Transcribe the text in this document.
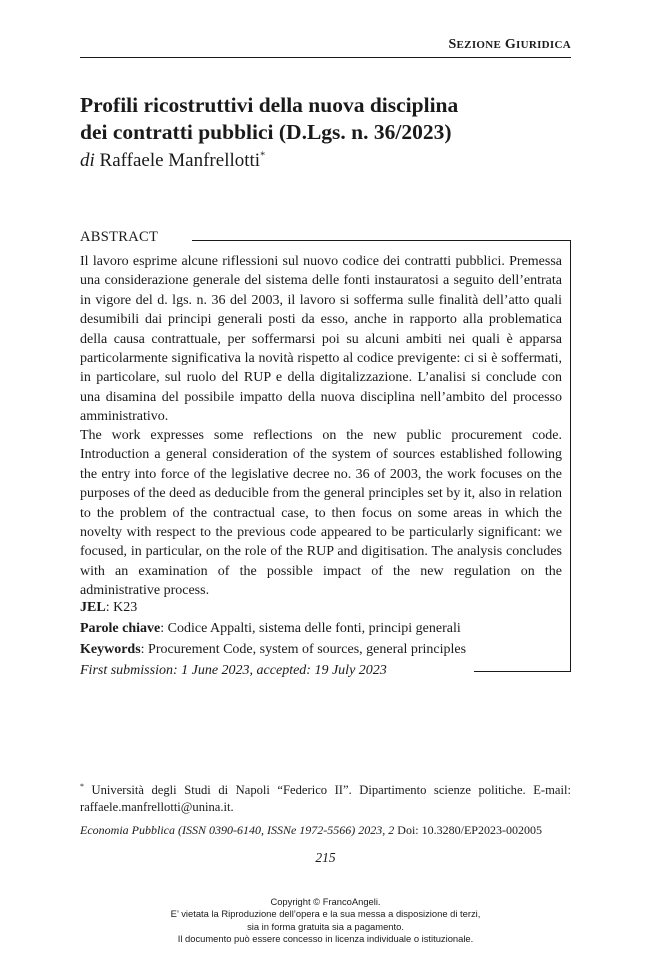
SEZIONE GIURIDICA
Profili ricostruttivi della nuova disciplina
dei contratti pubblici (D.Lgs. n. 36/2023)
di Raffaele Manfrellotti*
ABSTRACT

Il lavoro esprime alcune riflessioni sul nuovo codice dei contratti pubblici. Premessa una considerazione generale del sistema delle fonti instauratosi a seguito dell’entrata in vigore del d. lgs. n. 36 del 2003, il lavoro si sofferma sulle finalità dell’atto quali desumibili dai principi generali posti da esso, anche in rapporto alla problematica della causa contrattuale, per soffermarsi poi su alcuni ambiti nei quali è apparsa particolarmente significativa la novità rispetto al codice previgente: ci si è soffermati, in particolare, sul ruolo del RUP e della digitalizzazione. L’analisi si conclude con una disamina del possibile impatto della nuova disciplina nell’ambito del processo amministrativo.

The work expresses some reflections on the new public procurement code. Introduction a general consideration of the system of sources established following the entry into force of the legislative decree no. 36 of 2003, the work focuses on the purposes of the deed as deducible from the general principles set by it, also in relation to the problem of the contractual case, to then focus on some areas in which the novelty with respect to the previous code appeared to be particularly significant: we focused, in particular, on the role of the RUP and digitisation. The analysis concludes with an examination of the possible impact of the new regulation on the administrative process.

JEL: K23
Parole chiave: Codice Appalti, sistema delle fonti, principi generali
Keywords: Procurement Code, system of sources, general principles
First submission: 1 June 2023, accepted: 19 July 2023
* Università degli Studi di Napoli “Federico II”. Dipartimento scienze politiche. E-mail: raffaele.manfrellotti@unina.it.
Economia Pubblica (ISSN 0390-6140, ISSNe 1972-5566) 2023, 2 Doi: 10.3280/EP2023-002005
215
Copyright © FrancoAngeli.
E’ vietata la Riproduzione dell’opera e la sua messa a disposizione di terzi,
sia in forma gratuita sia a pagamento.
Il documento può essere concesso in licenza individuale o istituzionale.
